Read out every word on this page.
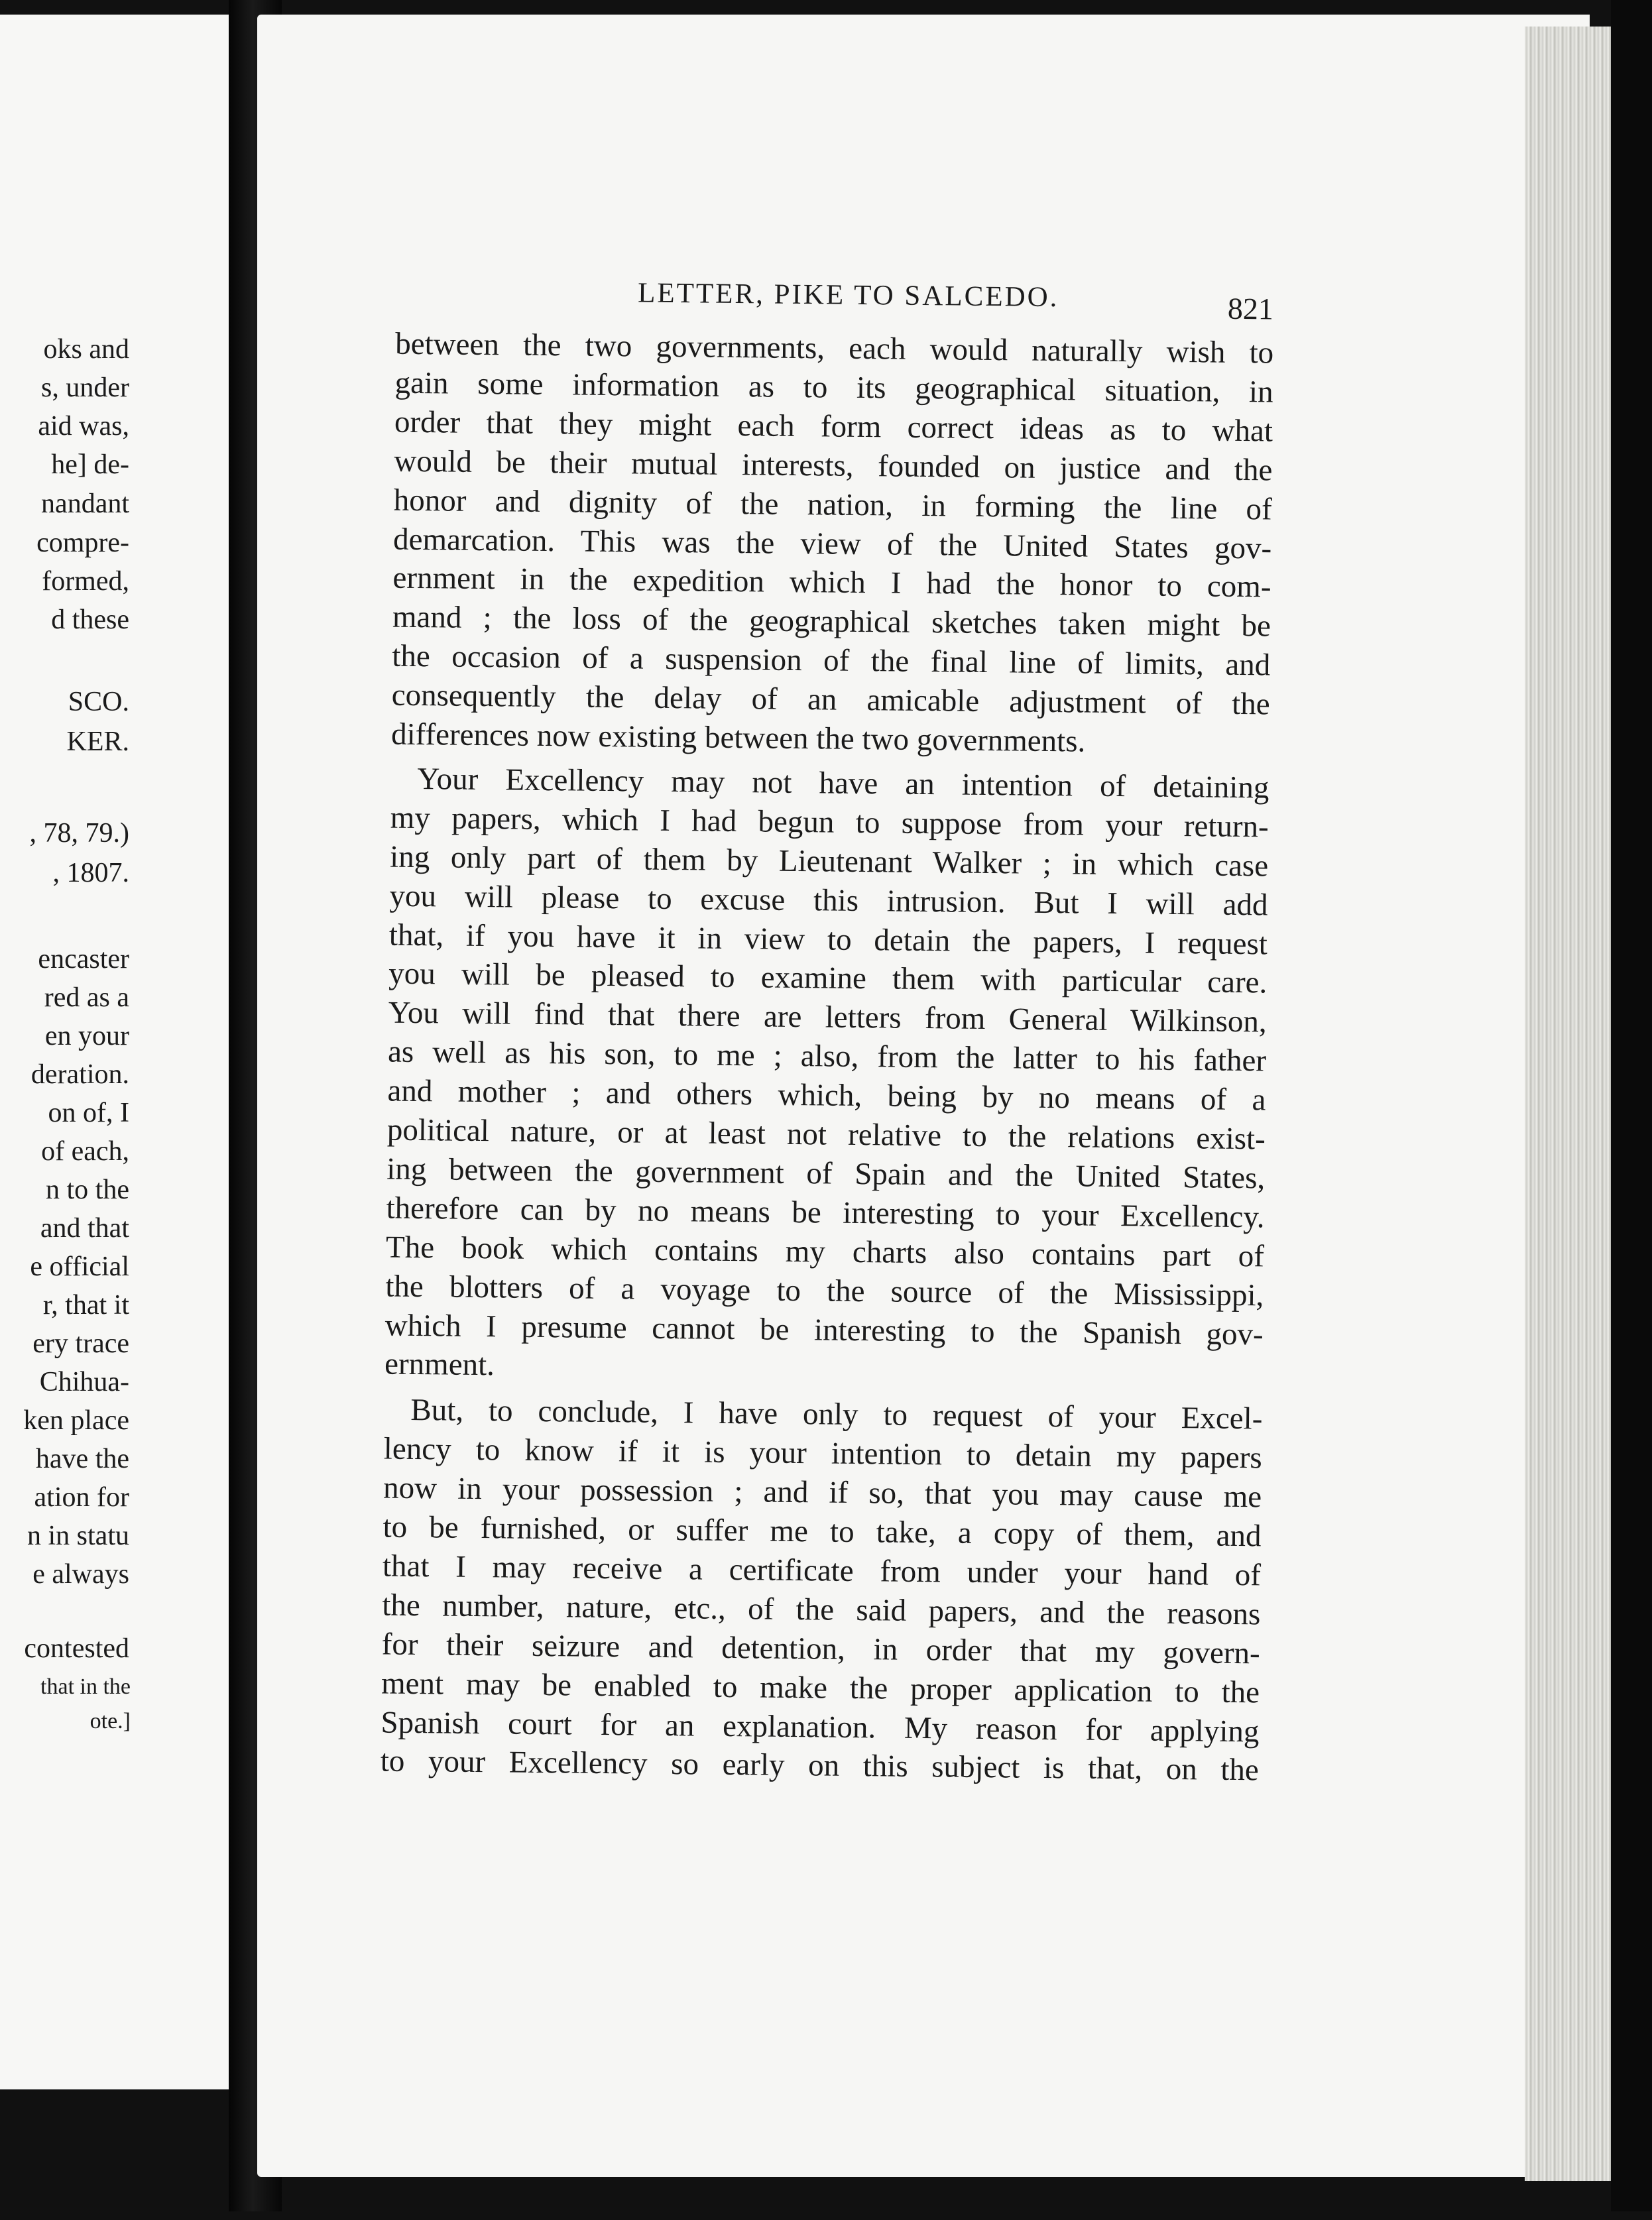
oks and
s, under
aid was,
he] de-
nandant
compre-
formed,
d these
SCO.
KER.
, 78, 79.)
, 1807.
encaster
red as a
en your
deration.
on of, I
of each,
n to the
and that
e official
r, that it
ery trace
Chihua-
ken place
have the
ation for
n in statu
e always
contested
that in the
ote.]
LETTER, PIKE TO SALCEDO.	821
between the two governments, each would naturally wish to
gain some information as to its geographical situation, in
order that they might each form correct ideas as to what
would be their mutual interests, founded on justice and the
honor and dignity of the nation, in forming the line of
demarcation. This was the view of the United States gov-
ernment in the expedition which I had the honor to com-
mand ; the loss of the geographical sketches taken might be
the occasion of a suspension of the final line of limits, and
consequently the delay of an amicable adjustment of the
differences now existing between the two governments.
Your Excellency may not have an intention of detaining
my papers, which I had begun to suppose from your return-
ing only part of them by Lieutenant Walker ; in which case
you will please to excuse this intrusion. But I will add
that, if you have it in view to detain the papers, I request
you will be pleased to examine them with particular care.
You will find that there are letters from General Wilkinson,
as well as his son, to me ; also, from the latter to his father
and mother ; and others which, being by no means of a
political nature, or at least not relative to the relations exist-
ing between the government of Spain and the United States,
therefore can by no means be interesting to your Excellency.
The book which contains my charts also contains part of
the blotters of a voyage to the source of the Mississippi,
which I presume cannot be interesting to the Spanish gov-
ernment.
But, to conclude, I have only to request of your Excel-
lency to know if it is your intention to detain my papers
now in your possession ; and if so, that you may cause me
to be furnished, or suffer me to take, a copy of them, and
that I may receive a certificate from under your hand of
the number, nature, etc., of the said papers, and the reasons
for their seizure and detention, in order that my govern-
ment may be enabled to make the proper application to the
Spanish court for an explanation. My reason for applying
to your Excellency so early on this subject is that, on the
